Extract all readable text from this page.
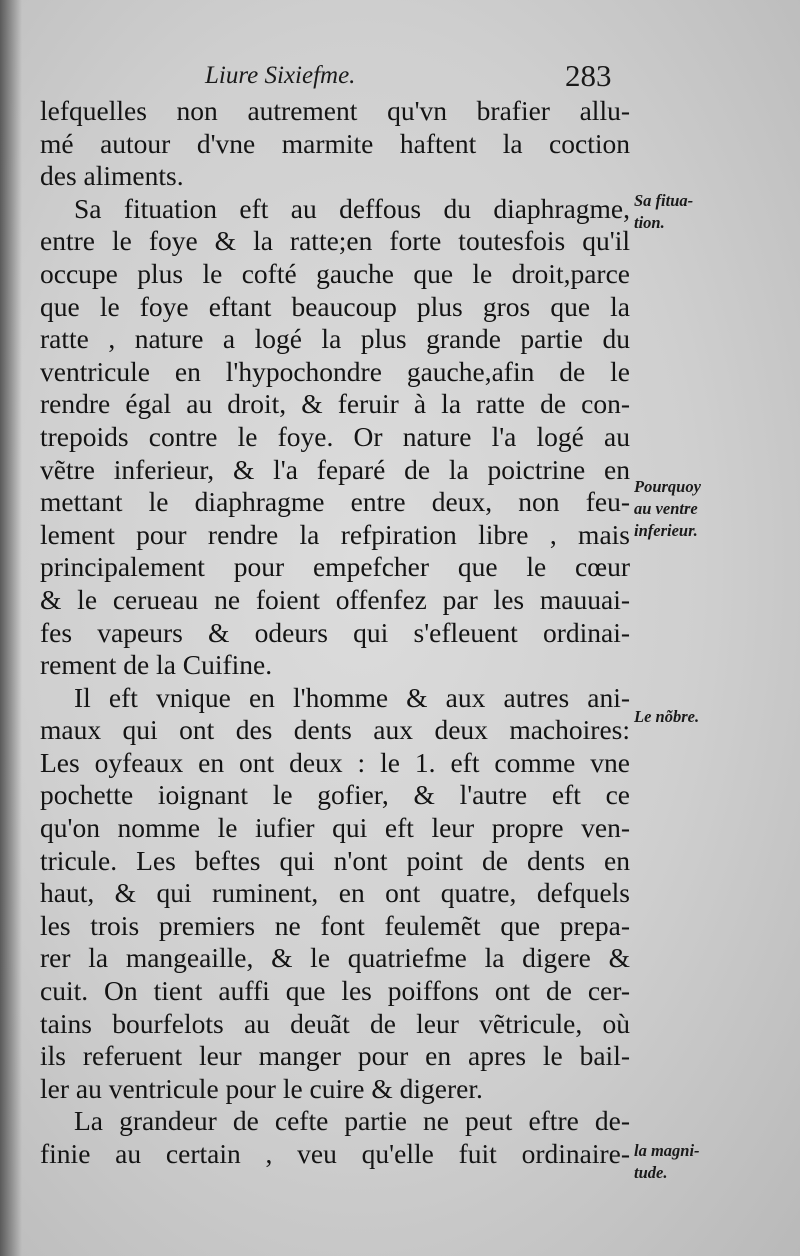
Liure Sixiefme.	283
lefquelles non autrement qu'vn brafier allu-
mé autour d'vne marmite haftent la coction
des aliments.
Sa fituation eft au deffous du diaphragme,
entre le foye & la ratte;en forte toutesfois qu'il
occupe plus le cofté gauche que le droit,parce
que le foye eftant beaucoup plus gros que la
ratte , nature a logé la plus grande partie du
ventricule en l'hypochondre gauche,afin de le
rendre égal au droit, & feruir à la ratte de con-
trepoids contre le foye. Or nature l'a logé au
vẽtre inferieur, & l'a feparé de la poictrine en
mettant le diaphragme entre deux, non feu-
lement pour rendre la refpiration libre , mais
principalement pour empefcher que le cœur
& le cerueau ne foient offenfez par les mauuai-
fes vapeurs & odeurs qui s'efleuent ordinai-
rement de la Cuifine.
Il eft vnique en l'homme & aux autres ani-
maux qui ont des dents aux deux machoires:
Les oyfeaux en ont deux : le 1. eft comme vne
pochette ioignant le gofier, & l'autre eft ce
qu'on nomme le iufier qui eft leur propre ven-
tricule. Les beftes qui n'ont point de dents en
haut, & qui ruminent, en ont quatre, defquels
les trois premiers ne font feulemẽt que prepa-
rer la mangeaille, & le quatriefme la digere &
cuit. On tient auffi que les poiffons ont de cer-
tains bourfelots au deuãt de leur vẽtricule, où
ils referuent leur manger pour en apres le bail-
ler au ventricule pour le cuire & digerer.
La grandeur de cefte partie ne peut eftre de-
finie au certain , veu qu'elle fuit ordinaire-
Sa fitua-
tion.
Pourquoy
au ventre
inferieur.
Le nõbre.
la magni-
tude.
